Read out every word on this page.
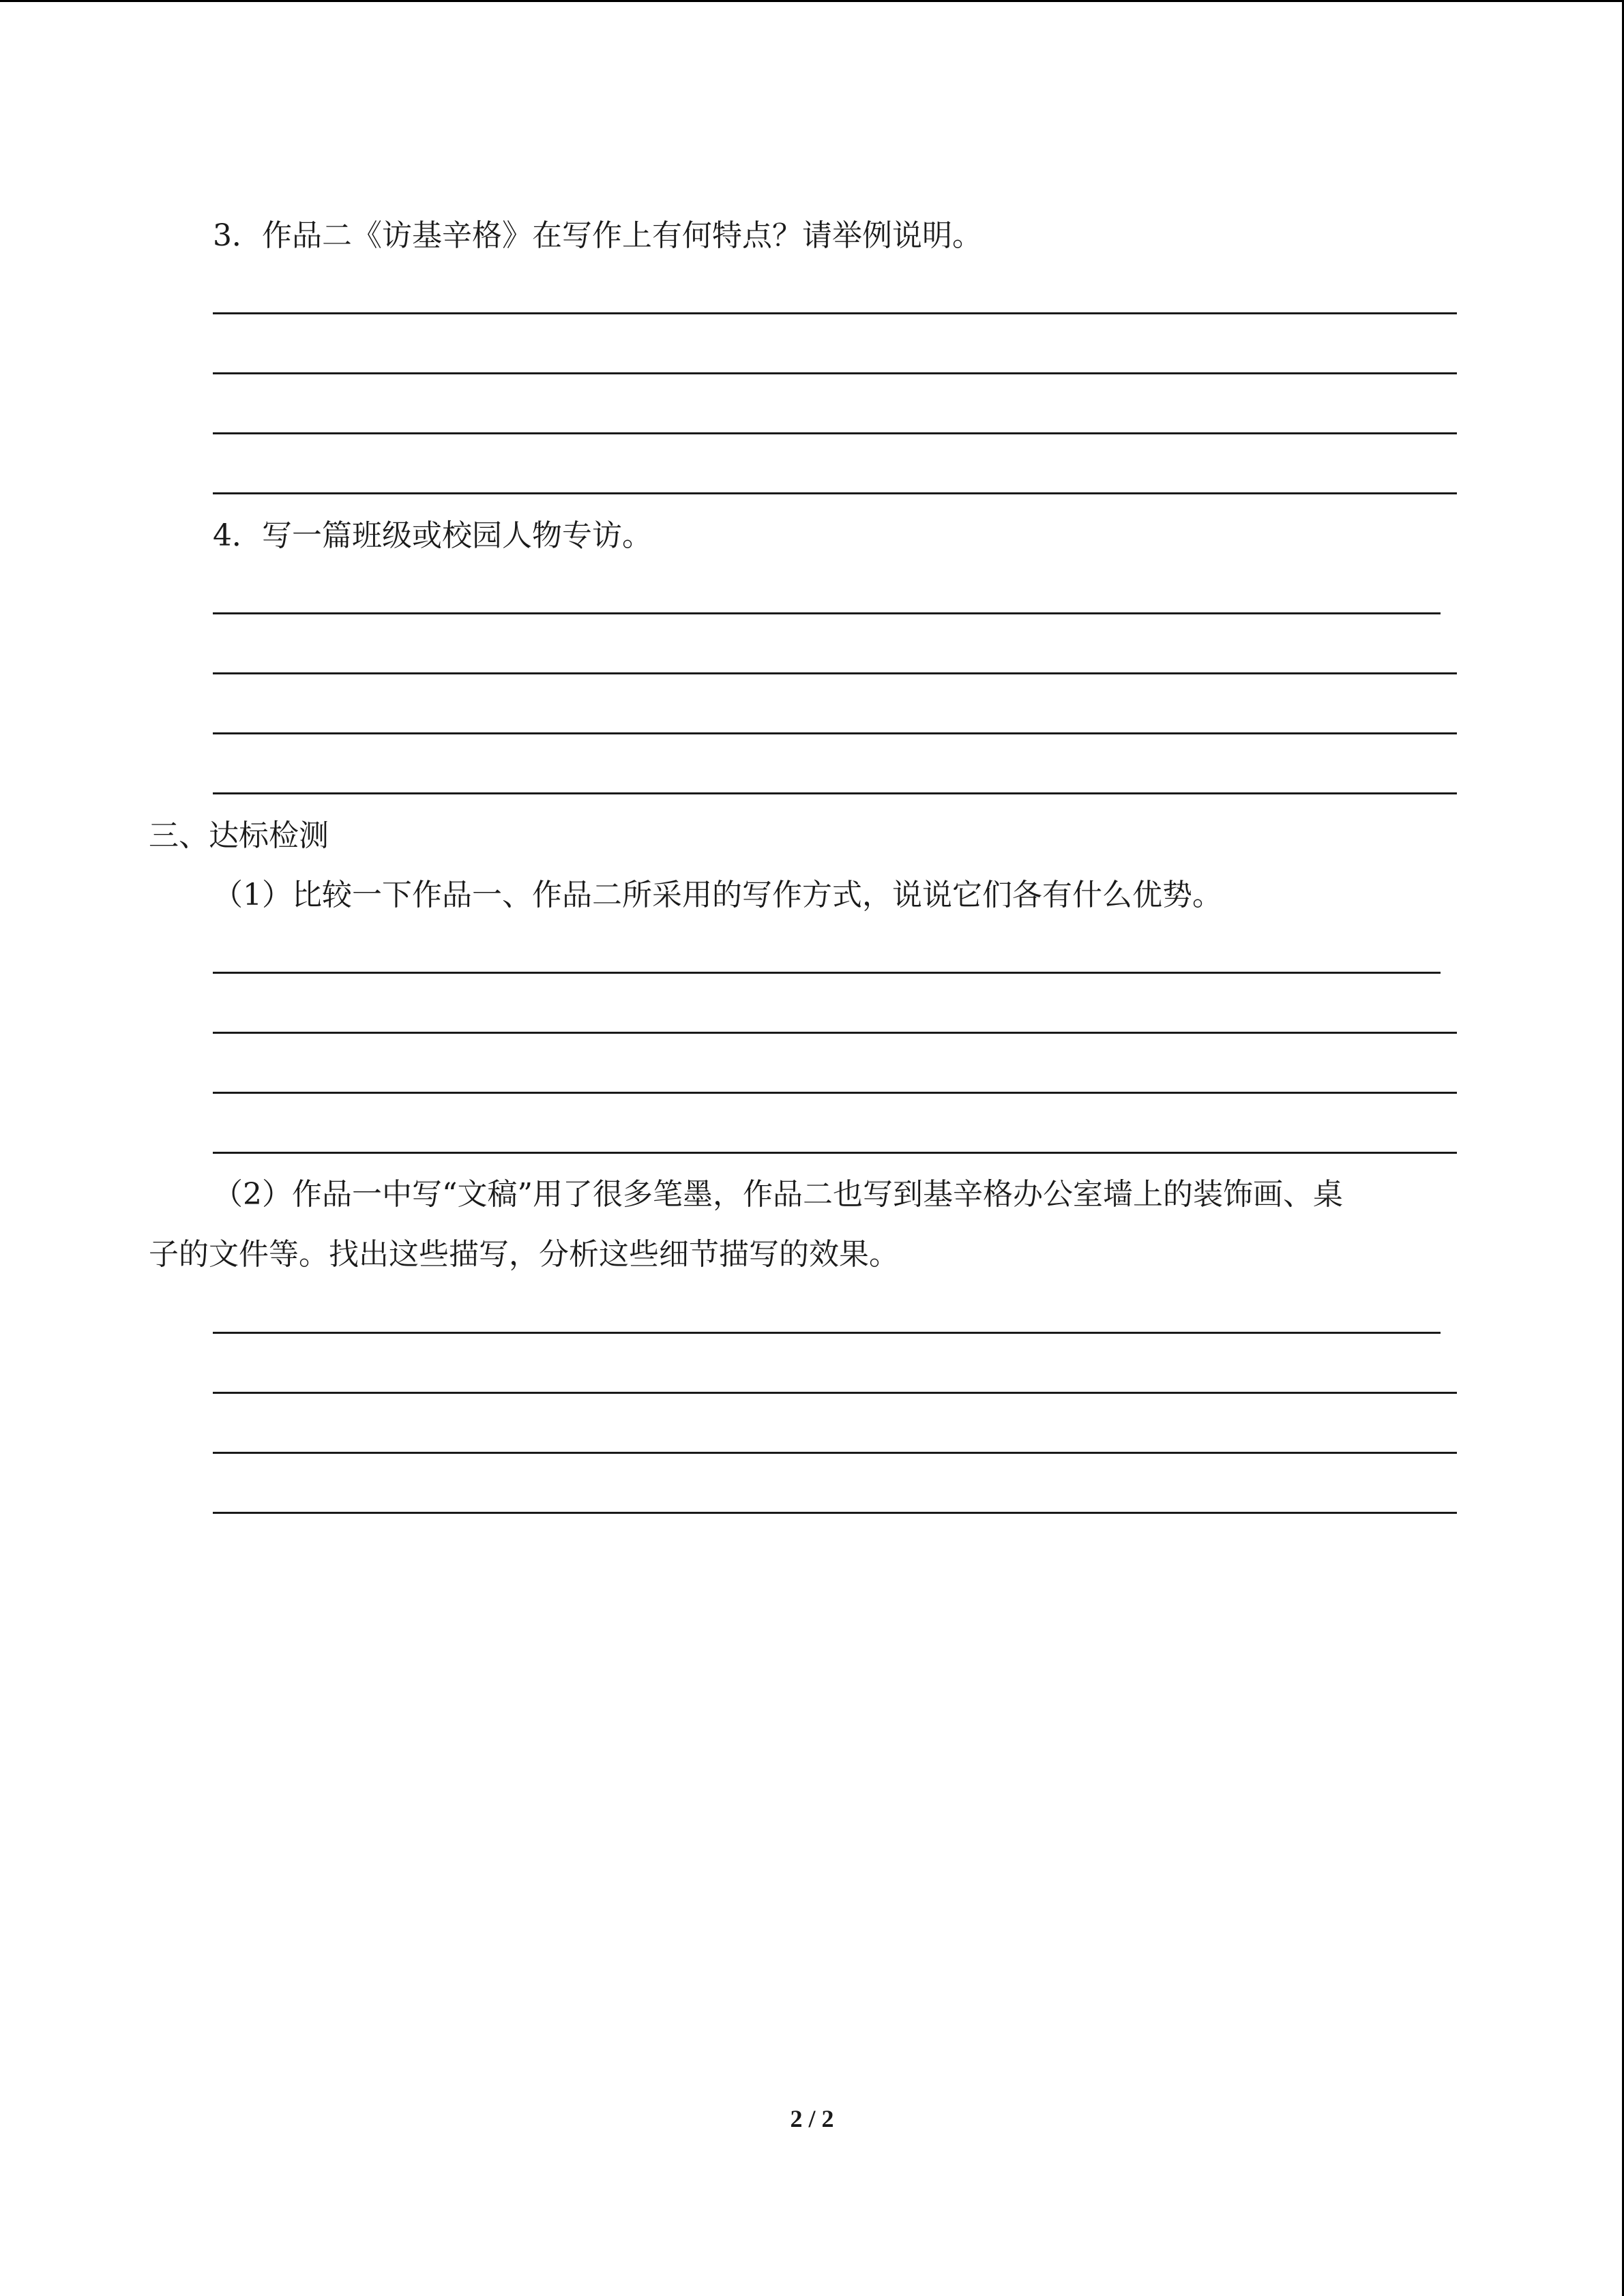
3．作品二《访基辛格》在写作上有何特点？请举例说明。
4．写一篇班级或校园人物专访。
三、达标检测
（1）比较一下作品一、作品二所采用的写作方式，说说它们各有什么优势。
（2）作品一中写“文稿”用了很多笔墨，作品二也写到基辛格办公室墙上的装饰画、桌
子的文件等。找出这些描写，分析这些细节描写的效果。
2 / 2
